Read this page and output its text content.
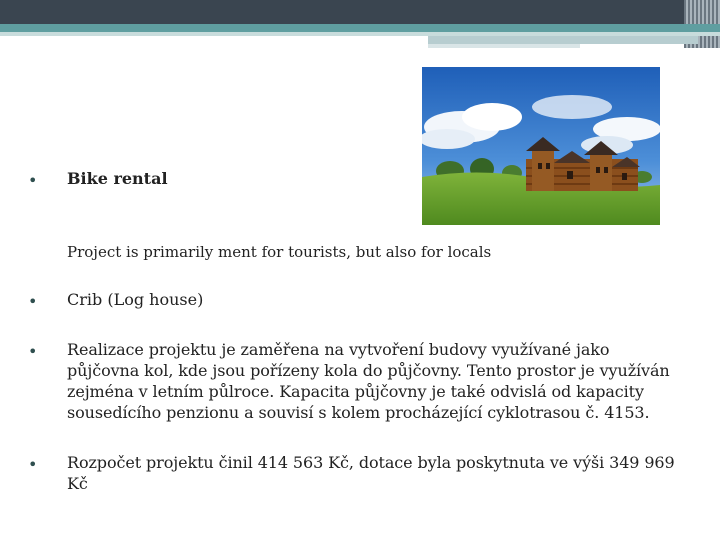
• Bike rental
Project is primarily ment for tourists, but also for locals
• Crib (Log house)
• Realizace projektu je zaměřena na vytvoření budovy využívané jako půjčovna kol, kde jsou pořízeny kola do půjčovny. Tento prostor je využíván zejména v letním půlroce. Kapacita půjčovny je také odvislá od kapacity sousedícího penzionu a souvisí s kolem procházející cyklotrasou č. 4153.
• Rozpočet projektu činil 414 563 Kč, dotace byla poskytnuta ve výši 349 969 Kč
